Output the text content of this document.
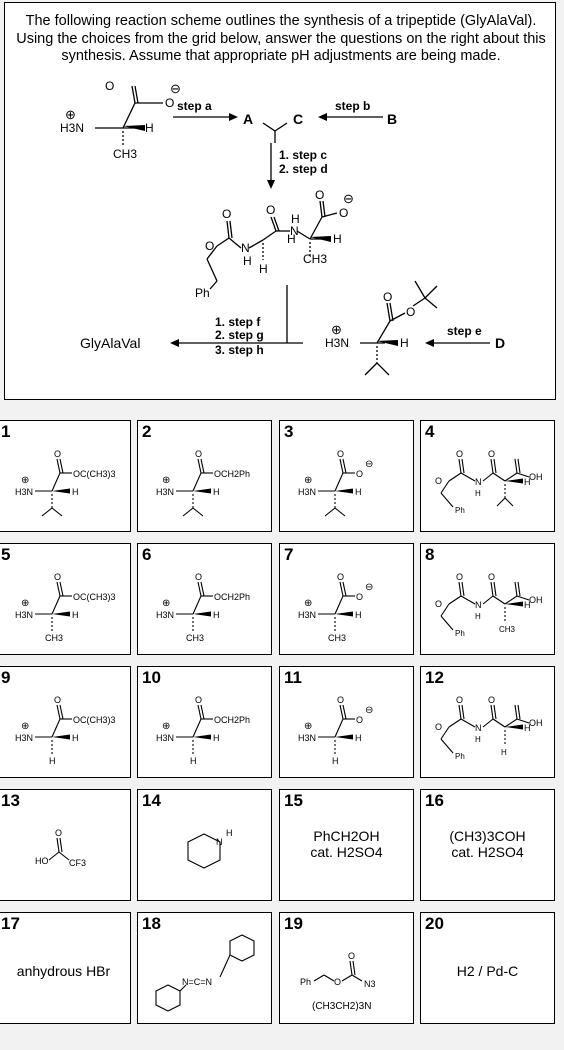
The following reaction scheme outlines the synthesis of a tripeptide (GlyAlaVal). Using the choices from the grid below, answer the questions on the right about this synthesis. Assume that appropriate pH adjustments are being made.

O
O
⊖
H3N
⊕
H
CH3
step a
A	C
step b
B
1. step c
2. step d
O	O
O
O
⊖
O N
N
H
H
H
H
CH3
H
Ph
1. step f
2. step g
3. step h
GlyAlaVal
O
O
H3N
⊕
H
step e
D
1
H3N
⊕
O
OC(CH3)3
H
2
H3N
⊕
O
OCH2Ph
H
3
H3N
⊕
O
O
⊖
H
4
O
N
H
O
OH
H
Ph
O
5
H3N
⊕
O
OC(CH3)3
H
CH3
6
H3N
⊕
O
OCH2Ph
H
CH3
7
H3N
⊕
O
O
⊖
H
CH3
8
O
N
H
O
OH
H
Ph
O
CH3
9
H3N
⊕
O
OC(CH3)3
H
H
10
H3N
⊕
O
OCH2Ph
H
H
11
H3N
⊕
O
O
⊖
H
H
12
O
N
H
O
OH
H
Ph
O
H
13
HO
O
CF3
14
N
H
15
PhCH2OH
cat. H2SO4
16
(CH3)3COH
cat. H2SO4
17
anhydrous HBr
18
N=C=N
19
Ph	O
O
N3
(CH3CH2)3N
20
H2 / Pd-C
